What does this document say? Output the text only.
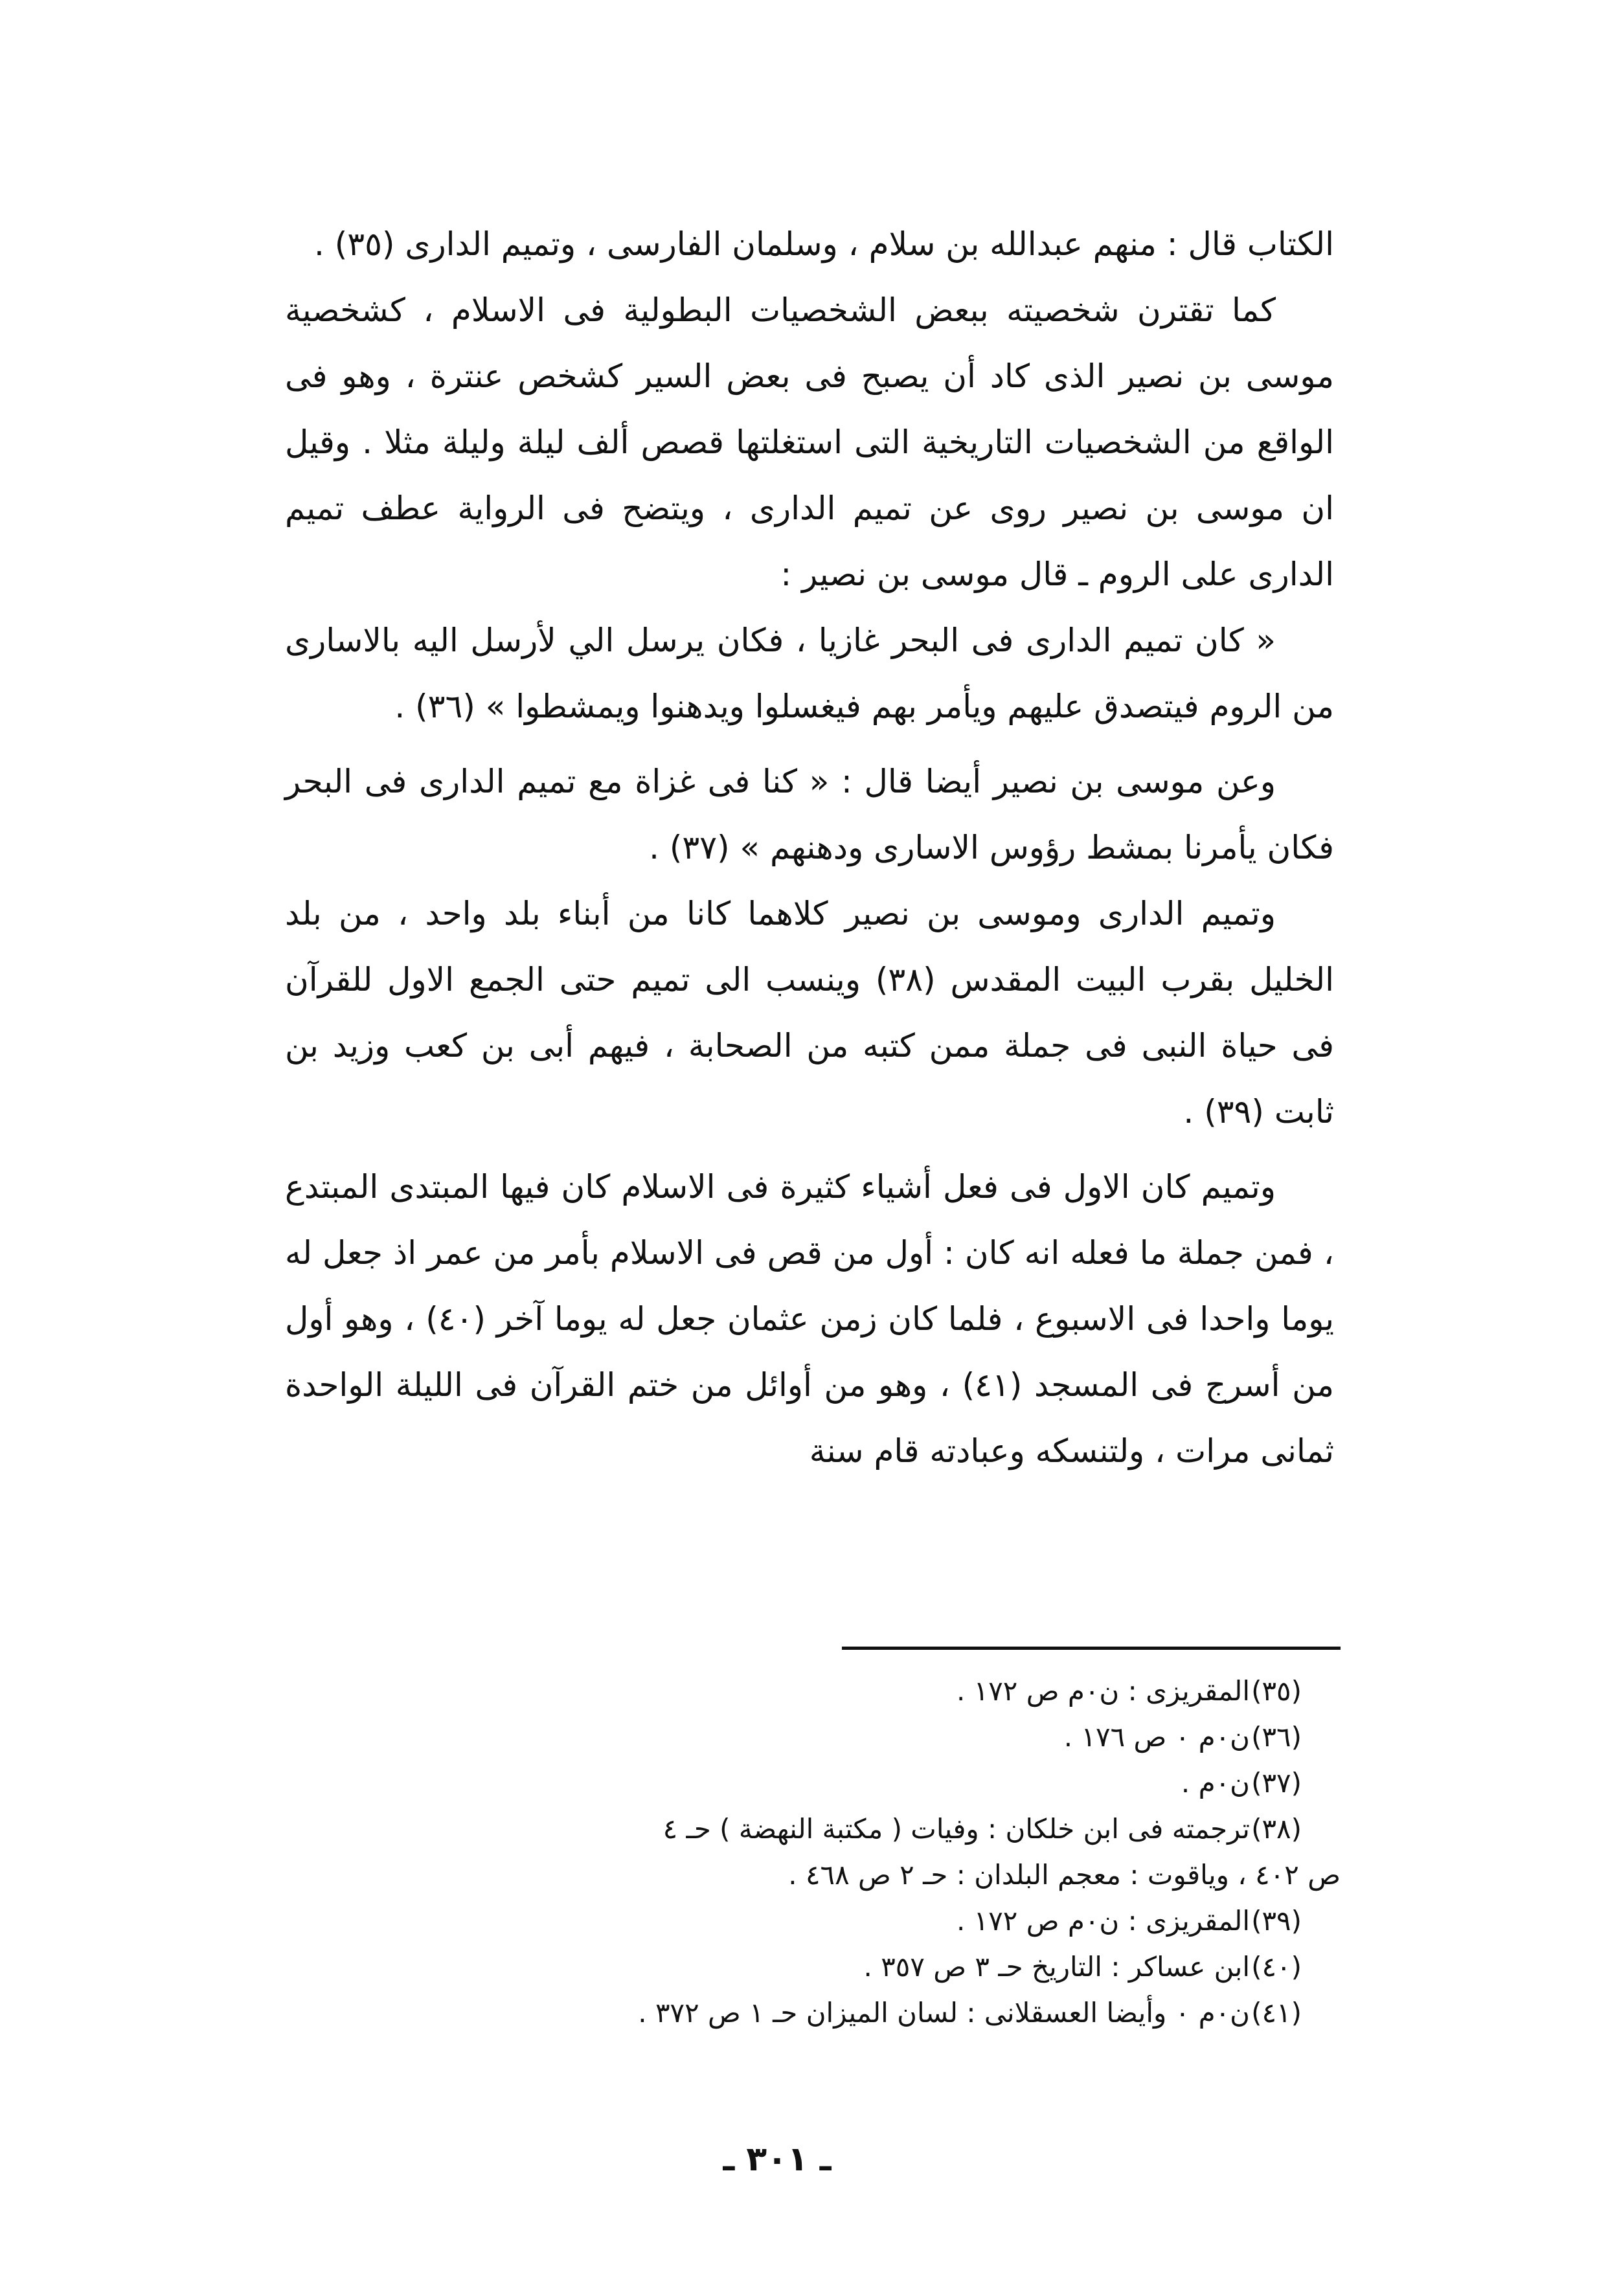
الكتاب قال : منهم عبدالله بن سلام ، وسلمان الفارسى ، وتميم الدارى (٣٥) .

كما تقترن شخصيته ببعض الشخصيات البطولية فى الاسلام ، كشخصية موسى بن نصير الذى كاد أن يصبح فى بعض السير كشخص عنترة ، وهو فى الواقع من الشخصيات التاريخية التى استغلتها قصص ألف ليلة وليلة مثلا . وقيل ان موسى بن نصير روى عن تميم الدارى ، ويتضح فى الرواية عطف تميم الدارى على الروم ـ قال موسى بن نصير :

« كان تميم الدارى فى البحر غازيا ، فكان يرسل الي لأرسل اليه بالاسارى من الروم فيتصدق عليهم ويأمر بهم فيغسلوا ويدهنوا ويمشطوا » (٣٦) .

وعن موسى بن نصير أيضا قال : « كنا فى غزاة مع تميم الدارى فى البحر فكان يأمرنا بمشط رؤوس الاسارى ودهنهم » (٣٧) .

وتميم الدارى وموسى بن نصير كلاهما كانا من أبناء بلد واحد ، من بلد الخليل بقرب البيت المقدس (٣٨) وينسب الى تميم حتى الجمع الاول للقرآن فى حياة النبى فى جملة ممن كتبه من الصحابة ، فيهم أبى بن كعب وزيد بن ثابت (٣٩) .

وتميم كان الاول فى فعل أشياء كثيرة فى الاسلام كان فيها المبتدى المبتدع ، فمن جملة ما فعله انه كان : أول من قص فى الاسلام بأمر من عمر اذ جعل له يوما واحدا فى الاسبوع ، فلما كان زمن عثمان جعل له يوما آخر (٤٠) ، وهو أول من أسرج فى المسجد (٤١) ، وهو من أوائل من ختم القرآن فى الليلة الواحدة ثمانى مرات ، ولتنسكه وعبادته قام سنة

(٣٥)
المقريزى : ن٠م ص ١٧٢ .
(٣٦)
ن٠م ٠ ص ١٧٦ .
(٣٧)
ن٠م .
(٣٨)
ترجمته فى ابن خلكان : وفيات ( مكتبة النهضة ) حـ ٤
ص ٤٠٢ ، وياقوت : معجم البلدان : حـ ٢ ص ٤٦٨ .
(٣٩)
المقريزى : ن٠م ص ١٧٢ .
(٤٠)
ابن عساكر : التاريخ حـ ٣ ص ٣٥٧ .
(٤١)
ن٠م ٠ وأيضا العسقلانى : لسان الميزان حـ ١ ص ٣٧٢ .
ـ ٣٠١ ـ
